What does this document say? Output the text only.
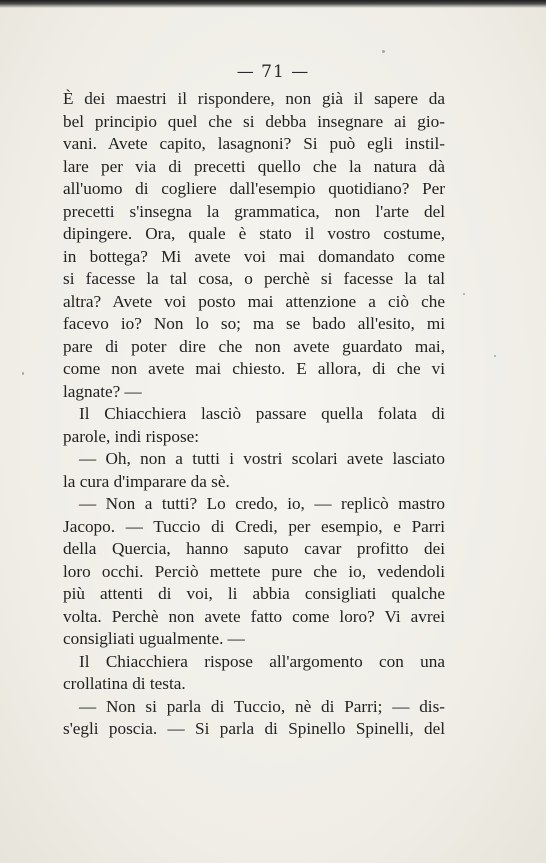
— 71 —
È dei maestri il rispondere, non già il sapere da
bel principio quel che si debba insegnare ai gio-
vani. Avete capito, lasagnoni? Si può egli instil-
lare per via di precetti quello che la natura dà
all'uomo di cogliere dall'esempio quotidiano? Per
precetti s'insegna la grammatica, non l'arte del
dipingere. Ora, quale è stato il vostro costume,
in bottega? Mi avete voi mai domandato come
si facesse la tal cosa, o perchè si facesse la tal
altra? Avete voi posto mai attenzione a ciò che
facevo io? Non lo so; ma se bado all'esito, mi
pare di poter dire che non avete guardato mai,
come non avete mai chiesto. E allora, di che vi
lagnate? —
Il Chiacchiera lasciò passare quella folata di
parole, indi rispose:
— Oh, non a tutti i vostri scolari avete lasciato
la cura d'imparare da sè.
— Non a tutti? Lo credo, io, — replicò mastro
Jacopo. — Tuccio di Credi, per esempio, e Parri
della Quercia, hanno saputo cavar profitto dei
loro occhi. Perciò mettete pure che io, vedendoli
più attenti di voi, li abbia consigliati qualche
volta. Perchè non avete fatto come loro? Vi avrei
consigliati ugualmente. —
Il Chiacchiera rispose all'argomento con una
crollatina di testa.
— Non si parla di Tuccio, nè di Parri; — dis-
s'egli poscia. — Si parla di Spinello Spinelli, del
